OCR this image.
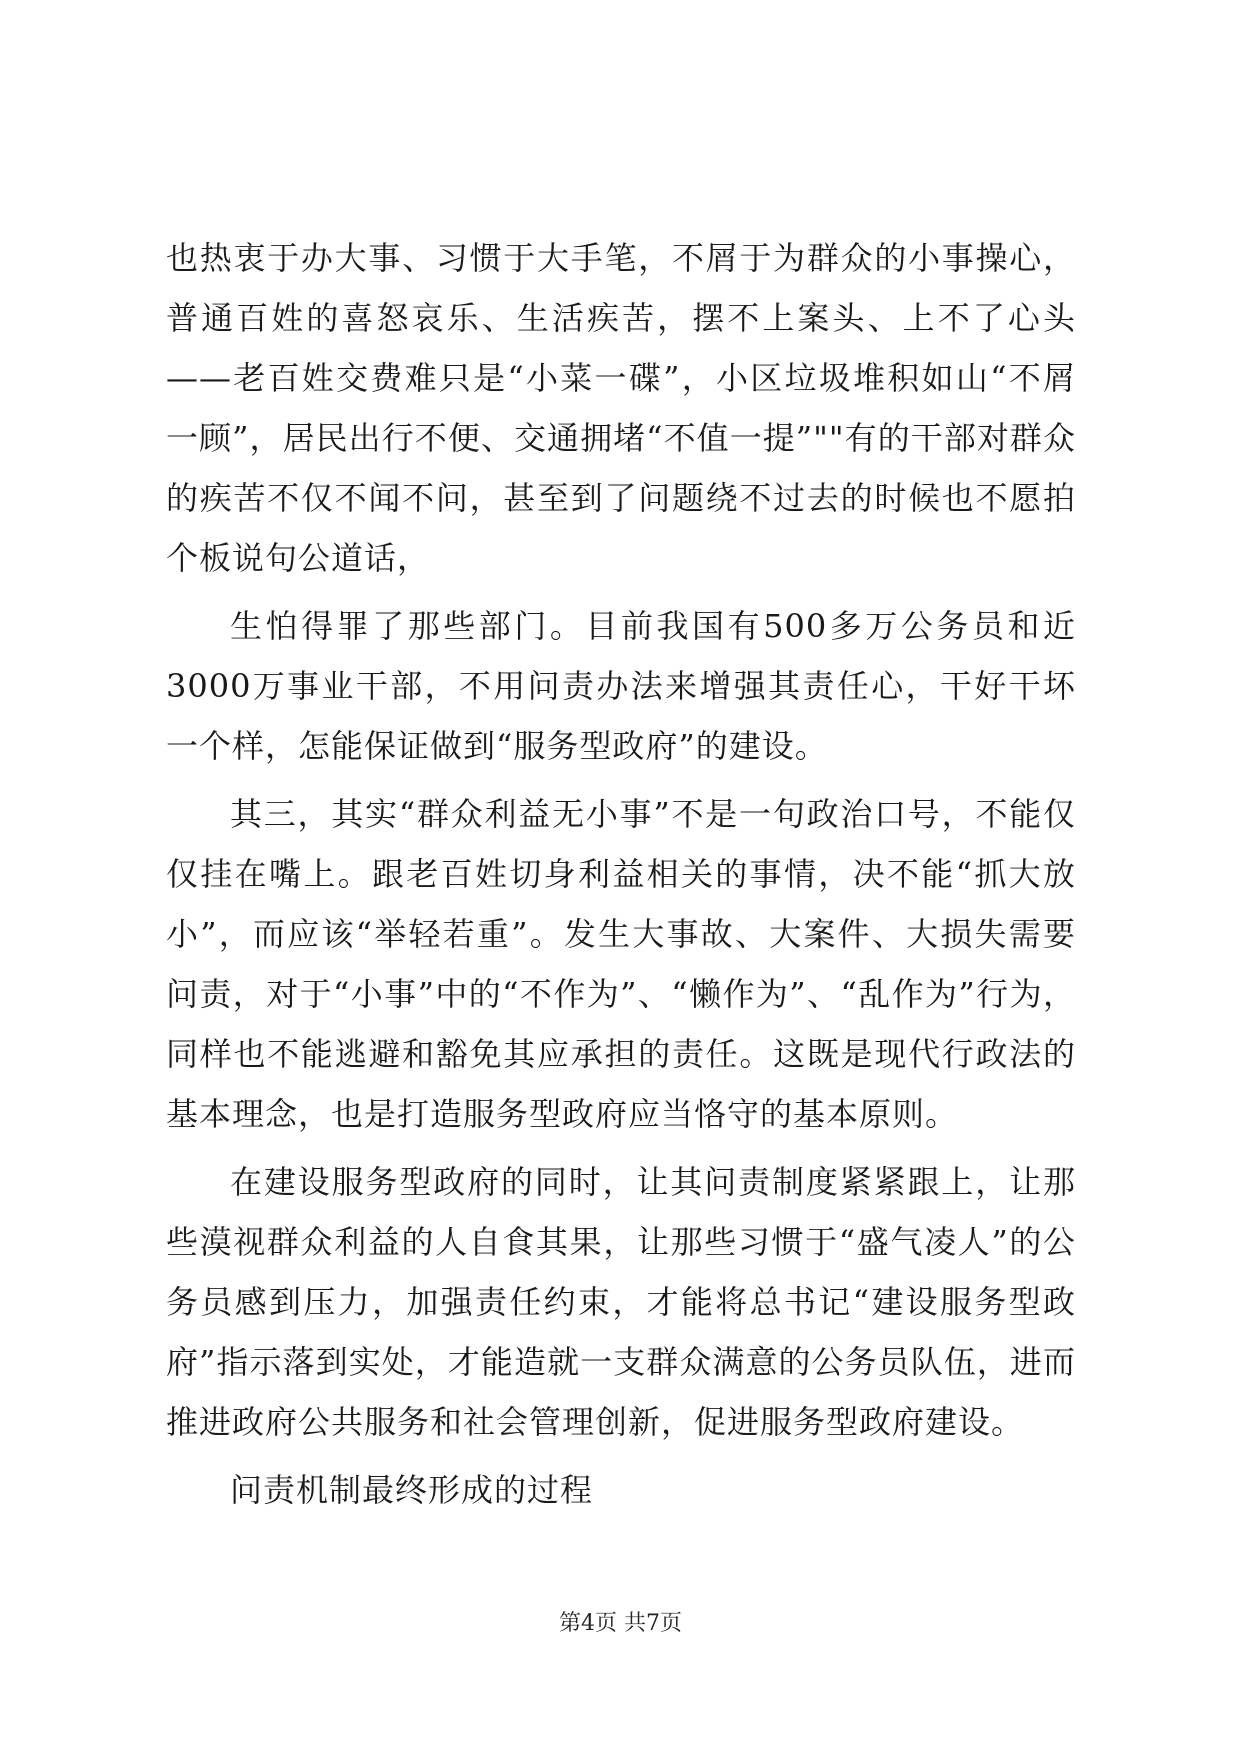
也热衷于办大事、习惯于大手笔，不屑于为群众的小事操心，普通百姓的喜怒哀乐、生活疾苦，摆不上案头、上不了心头——老百姓交费难只是“小菜一碟”，小区垃圾堆积如山“不屑一顾”，居民出行不便、交通拥堵“不值一提”""有的干部对群众的疾苦不仅不闻不问，甚至到了问题绕不过去的时候也不愿拍个板说句公道话，

生怕得罪了那些部门。目前我国有500多万公务员和近3000万事业干部，不用问责办法来增强其责任心，干好干坏一个样，怎能保证做到“服务型政府”的建设。

其三，其实“群众利益无小事”不是一句政治口号，不能仅仅挂在嘴上。跟老百姓切身利益相关的事情，决不能“抓大放小”，而应该“举轻若重”。发生大事故、大案件、大损失需要问责，对于“小事”中的“不作为”、“懒作为”、“乱作为”行为，同样也不能逃避和豁免其应承担的责任。这既是现代行政法的基本理念，也是打造服务型政府应当恪守的基本原则。

在建设服务型政府的同时，让其问责制度紧紧跟上，让那些漠视群众利益的人自食其果，让那些习惯于“盛气凌人”的公务员感到压力，加强责任约束，才能将总书记“建设服务型政府”指示落到实处，才能造就一支群众满意的公务员队伍，进而推进政府公共服务和社会管理创新，促进服务型政府建设。

问责机制最终形成的过程

第4页 共7页
